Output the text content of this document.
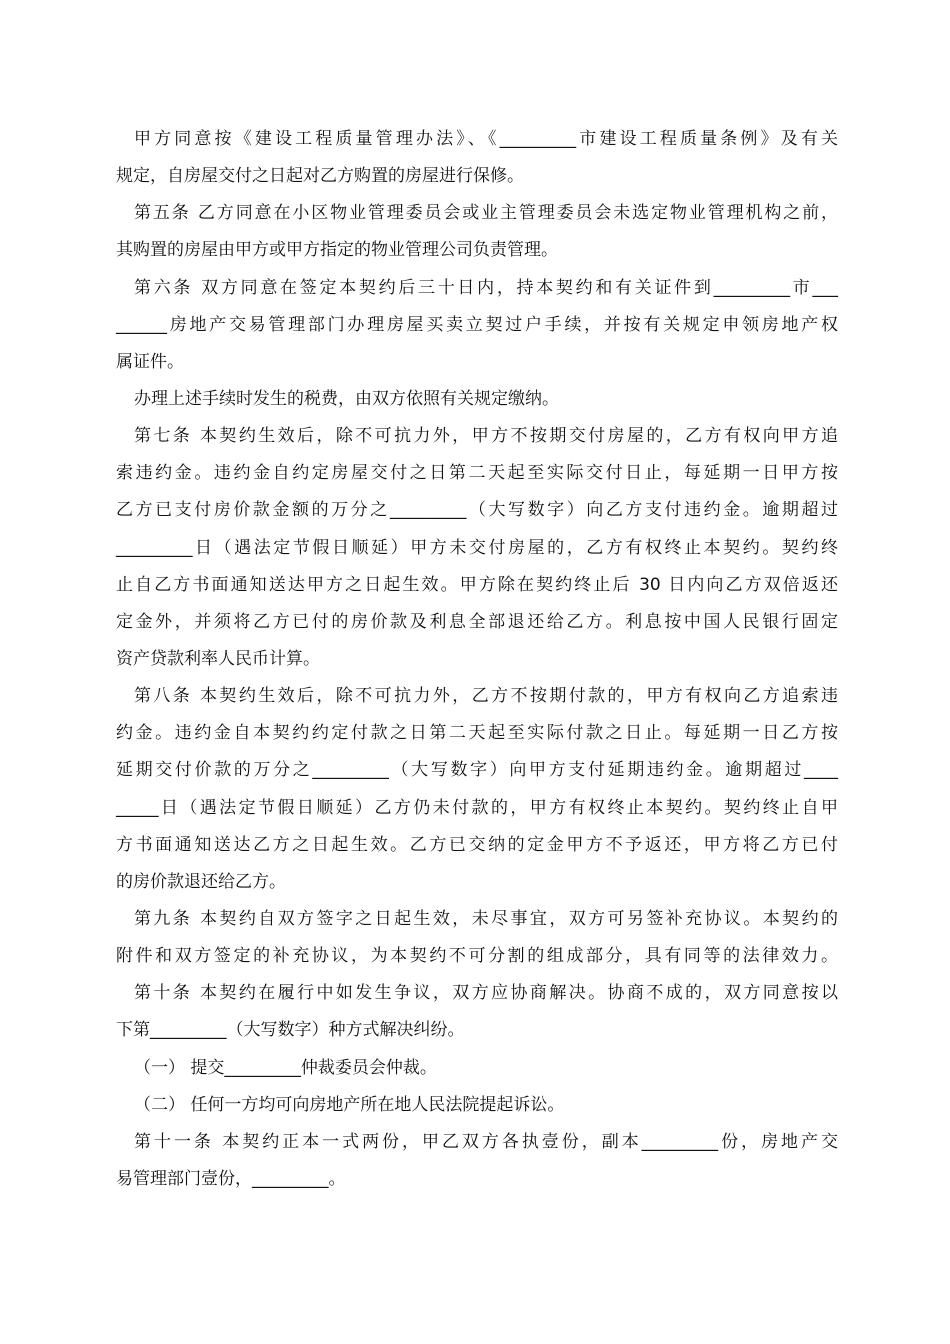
甲方同意按《建设工程质量管理办法》、《_________市建设工程质量条例》及有关
规定，自房屋交付之日起对乙方购置的房屋进行保修。
第五条 乙方同意在小区物业管理委员会或业主管理委员会未选定物业管理机构之前，
其购置的房屋由甲方或甲方指定的物业管理公司负责管理。
第六条 双方同意在签定本契约后三十日内，持本契约和有关证件到_________市___
______房地产交易管理部门办理房屋买卖立契过户手续，并按有关规定申领房地产权
属证件。
办理上述手续时发生的税费，由双方依照有关规定缴纳。
第七条 本契约生效后，除不可抗力外，甲方不按期交付房屋的，乙方有权向甲方追
索违约金。违约金自约定房屋交付之日第二天起至实际交付日止，每延期一日甲方按
乙方已支付房价款金额的万分之_________（大写数字）向乙方支付违约金。逾期超过
_________日（遇法定节假日顺延）甲方未交付房屋的，乙方有权终止本契约。契约终
止自乙方书面通知送达甲方之日起生效。甲方除在契约终止后 30 日内向乙方双倍返还
定金外，并须将乙方已付的房价款及利息全部退还给乙方。利息按中国人民银行固定
资产贷款利率人民币计算。
第八条 本契约生效后，除不可抗力外，乙方不按期付款的，甲方有权向乙方追索违
约金。违约金自本契约约定付款之日第二天起至实际付款之日止。每延期一日乙方按
延期交付价款的万分之_________（大写数字）向甲方支付延期违约金。逾期超过____
_____日（遇法定节假日顺延）乙方仍未付款的，甲方有权终止本契约。契约终止自甲
方书面通知送达乙方之日起生效。乙方已交纳的定金甲方不予返还，甲方将乙方已付
的房价款退还给乙方。
第九条 本契约自双方签字之日起生效，未尽事宜，双方可另签补充协议。本契约的
附件和双方签定的补充协议，为本契约不可分割的组成部分，具有同等的法律效力。
第十条 本契约在履行中如发生争议，双方应协商解决。协商不成的，双方同意按以
下第_________（大写数字）种方式解决纠纷。
（一） 提交_________仲裁委员会仲裁。
（二） 任何一方均可向房地产所在地人民法院提起诉讼。
第十一条 本契约正本一式两份，甲乙双方各执壹份，副本_________份，房地产交
易管理部门壹份，_________。
